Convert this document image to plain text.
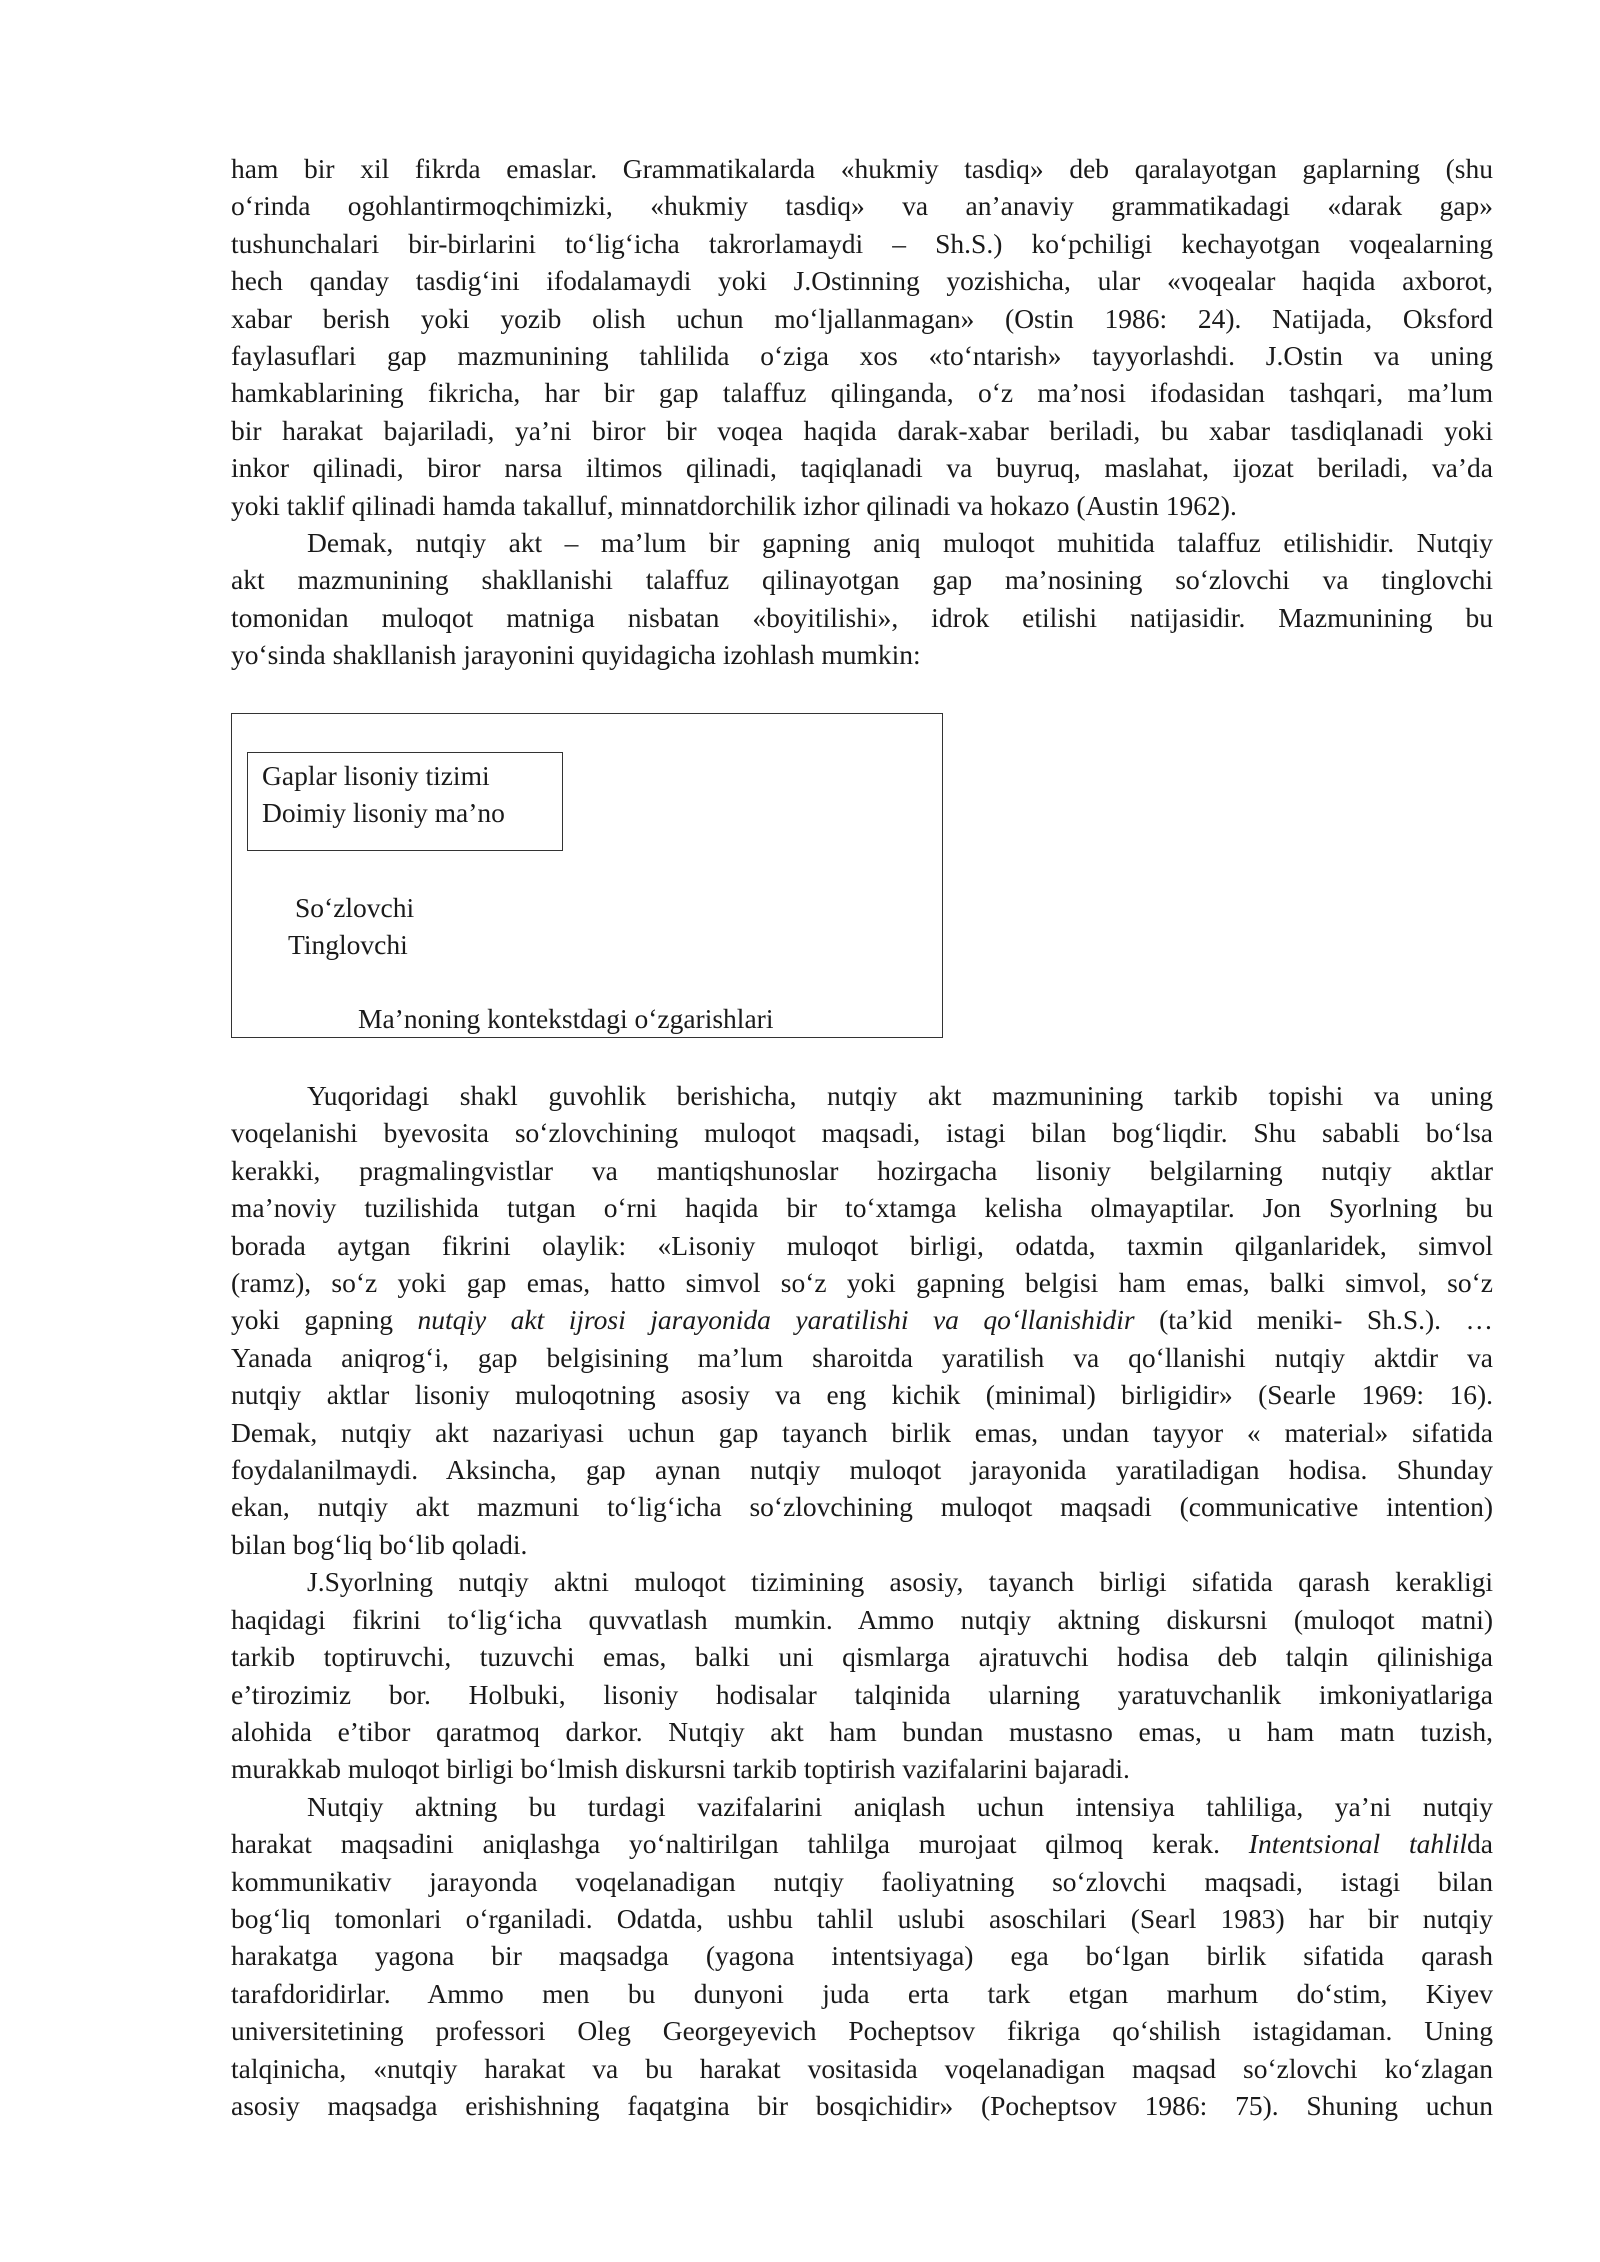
ham bir xil fikrda emaslar. Grammatikalarda «hukmiy tasdiq» deb qaralayotgan gaplarning (shu
o‘rinda ogohlantirmoqchimizki, «hukmiy tasdiq» va an’anaviy grammatikadagi «darak gap»
tushunchalari bir-birlarini to‘lig‘icha takrorlamaydi – Sh.S.) ko‘pchiligi kechayotgan voqealarning
hech qanday tasdig‘ini ifodalamaydi yoki J.Ostinning yozishicha, ular «voqealar haqida axborot,
xabar berish yoki yozib olish uchun mo‘ljallanmagan» (Ostin 1986: 24). Natijada, Oksford
faylasuflari gap mazmunining tahlilida o‘ziga xos «to‘ntarish» tayyorlashdi. J.Ostin va uning
hamkablarining fikricha, har bir gap talaffuz qilinganda, o‘z ma’nosi ifodasidan tashqari, ma’lum
bir harakat bajariladi, ya’ni biror bir voqea haqida darak-xabar beriladi, bu xabar tasdiqlanadi yoki
inkor qilinadi, biror narsa iltimos qilinadi, taqiqlanadi va buyruq, maslahat, ijozat beriladi, va’da
yoki taklif qilinadi hamda takalluf, minnatdorchilik izhor qilinadi va hokazo (Austin 1962).
Demak, nutqiy akt – ma’lum bir gapning aniq muloqot muhitida talaffuz etilishidir. Nutqiy
akt mazmunining shakllanishi talaffuz qilinayotgan gap ma’nosining so‘zlovchi va tinglovchi
tomonidan muloqot matniga nisbatan «boyitilishi», idrok etilishi natijasidir. Mazmunining bu
yo‘sinda shakllanish jarayonini quyidagicha izohlash mumkin:
Gaplar lisoniy tizimi
Doimiy lisoniy ma’no
So‘zlovchi
Tinglovchi
Ma’noning kontekstdagi o‘zgarishlari
Yuqoridagi shakl guvohlik berishicha, nutqiy akt mazmunining tarkib topishi va uning
voqelanishi byevosita so‘zlovchining muloqot maqsadi, istagi bilan bog‘liqdir. Shu sababli bo‘lsa
kerakki, pragmalingvistlar va mantiqshunoslar hozirgacha lisoniy belgilarning nutqiy aktlar
ma’noviy tuzilishida tutgan o‘rni haqida bir to‘xtamga kelisha olmayaptilar. Jon Syorlning bu
borada aytgan fikrini olaylik: «Lisoniy muloqot birligi, odatda, taxmin qilganlaridek, simvol
(ramz), so‘z yoki gap emas, hatto simvol so‘z yoki gapning belgisi ham emas, balki simvol, so‘z
yoki gapning nutqiy akt ijrosi jarayonida yaratilishi va qo‘llanishidir (ta’kid meniki- Sh.S.). …
Yanada aniqrog‘i, gap belgisining ma’lum sharoitda yaratilish va qo‘llanishi nutqiy aktdir va
nutqiy aktlar lisoniy muloqotning asosiy va eng kichik (minimal) birligidir» (Searle 1969: 16).
Demak, nutqiy akt nazariyasi uchun gap tayanch birlik emas, undan tayyor « material» sifatida
foydalanilmaydi. Aksincha, gap aynan nutqiy muloqot jarayonida yaratiladigan hodisa. Shunday
ekan, nutqiy akt mazmuni to‘lig‘icha so‘zlovchining muloqot maqsadi (communicative intention)
bilan bog‘liq bo‘lib qoladi.
J.Syorlning nutqiy aktni muloqot tizimining asosiy, tayanch birligi sifatida qarash kerakligi
haqidagi fikrini to‘lig‘icha quvvatlash mumkin. Ammo nutqiy aktning diskursni (muloqot matni)
tarkib toptiruvchi, tuzuvchi emas, balki uni qismlarga ajratuvchi hodisa deb talqin qilinishiga
e’tirozimiz bor. Holbuki, lisoniy hodisalar talqinida ularning yaratuvchanlik imkoniyatlariga
alohida e’tibor qaratmoq darkor. Nutqiy akt ham bundan mustasno emas, u ham matn tuzish,
murakkab muloqot birligi bo‘lmish diskursni tarkib toptirish vazifalarini bajaradi.
Nutqiy aktning bu turdagi vazifalarini aniqlash uchun intensiya tahliliga, ya’ni nutqiy
harakat maqsadini aniqlashga yo‘naltirilgan tahlilga murojaat qilmoq kerak. Intentsional tahlilda
kommunikativ jarayonda voqelanadigan nutqiy faoliyatning so‘zlovchi maqsadi, istagi bilan
bog‘liq tomonlari o‘rganiladi. Odatda, ushbu tahlil uslubi asoschilari (Searl 1983) har bir nutqiy
harakatga yagona bir maqsadga (yagona intentsiyaga) ega bo‘lgan birlik sifatida qarash
tarafdoridirlar. Ammo men bu dunyoni juda erta tark etgan marhum do‘stim, Kiyev
universitetining professori Oleg Georgeyevich Pocheptsov fikriga qo‘shilish istagidaman. Uning
talqinicha, «nutqiy harakat va bu harakat vositasida voqelanadigan maqsad so‘zlovchi ko‘zlagan
asosiy maqsadga erishishning faqatgina bir bosqichidir» (Pocheptsov 1986: 75). Shuning uchun
